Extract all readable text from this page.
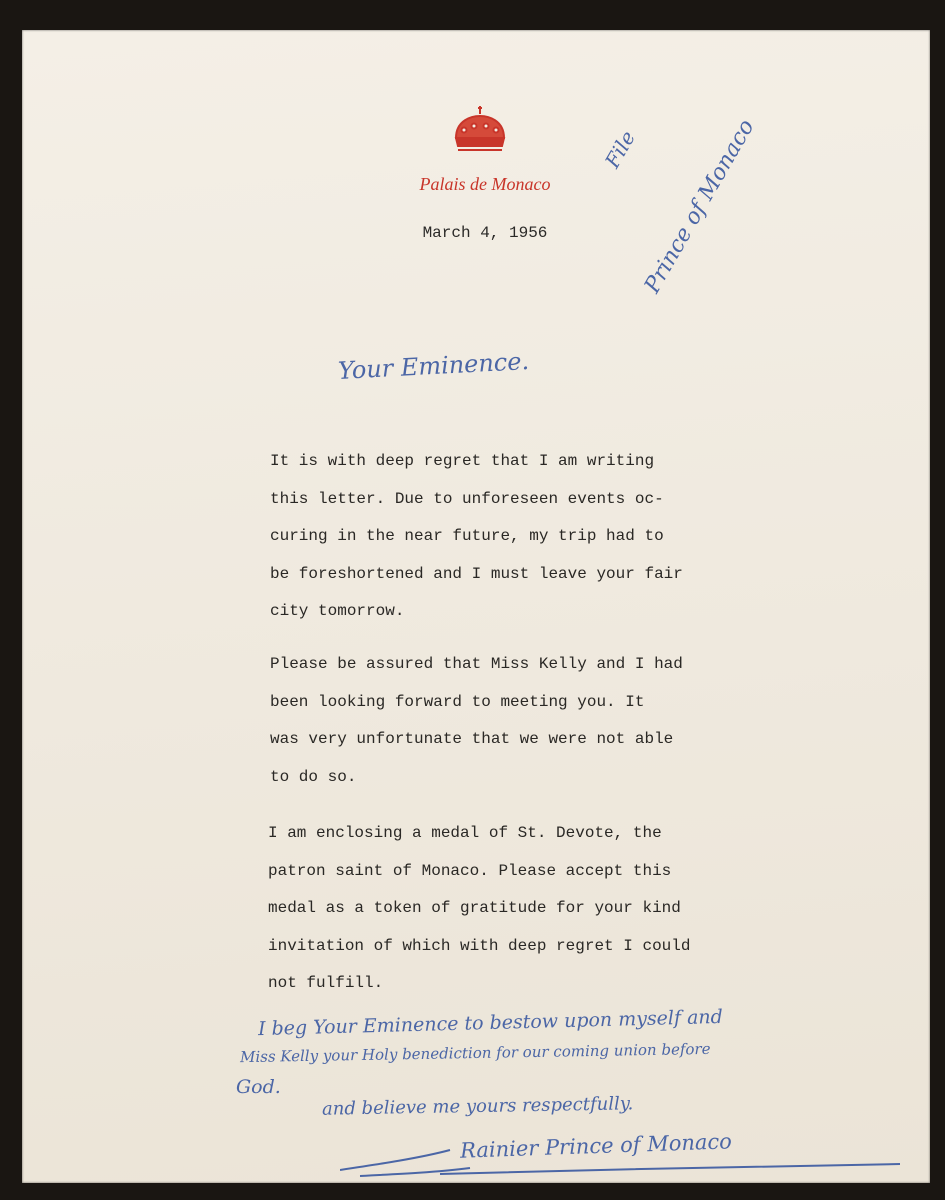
Palais de Monaco
March 4, 1956
File Prince of Monaco
Your Eminence.
It is with deep regret that I am writing
this letter. Due to unforeseen events oc-
curing in the near future, my trip had to
be foreshortened and I must leave your fair
city tomorrow.
Please be assured that Miss Kelly and I had
been looking forward to meeting you. It
was very unfortunate that we were not able
to do so.
I am enclosing a medal of St. Devote, the
patron saint of Monaco. Please accept this
medal as a token of gratitude for your kind
invitation of which with deep regret I could
not fulfill.
I beg Your Eminence to bestow upon myself and
Miss Kelly your Holy benediction for our coming union before
God.
and believe me yours respectfully.
Rainier Prince of Monaco
